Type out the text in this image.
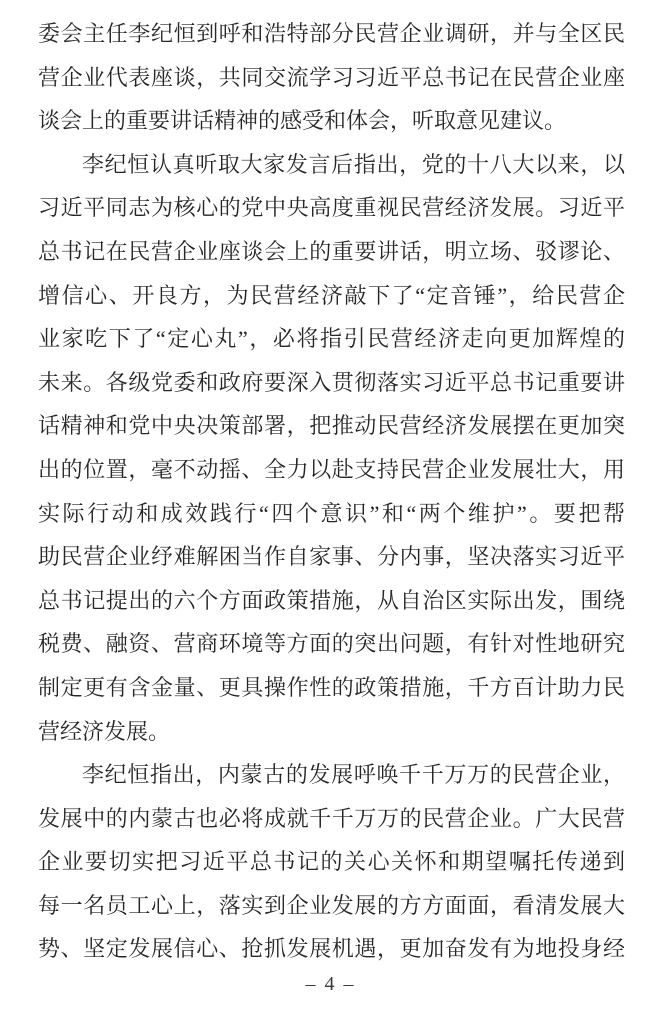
委会主任李纪恒到呼和浩特部分民营企业调研，并与全区民
营企业代表座谈，共同交流学习习近平总书记在民营企业座
谈会上的重要讲话精神的感受和体会，听取意见建议。
李纪恒认真听取大家发言后指出，党的十八大以来，以
习近平同志为核心的党中央高度重视民营经济发展。习近平
总书记在民营企业座谈会上的重要讲话，明立场、驳谬论、
增信心、开良方，为民营经济敲下了“定音锤”，给民营企
业家吃下了“定心丸”，必将指引民营经济走向更加辉煌的
未来。各级党委和政府要深入贯彻落实习近平总书记重要讲
话精神和党中央决策部署，把推动民营经济发展摆在更加突
出的位置，毫不动摇、全力以赴支持民营企业发展壮大，用
实际行动和成效践行“四个意识”和“两个维护”。要把帮
助民营企业纾难解困当作自家事、分内事，坚决落实习近平
总书记提出的六个方面政策措施，从自治区实际出发，围绕
税费、融资、营商环境等方面的突出问题，有针对性地研究
制定更有含金量、更具操作性的政策措施，千方百计助力民
营经济发展。
李纪恒指出，内蒙古的发展呼唤千千万万的民营企业，
发展中的内蒙古也必将成就千千万万的民营企业。广大民营
企业要切实把习近平总书记的关心关怀和期望嘱托传递到
每一名员工心上，落实到企业发展的方方面面，看清发展大
势、坚定发展信心、抢抓发展机遇，更加奋发有为地投身经
– 4 –
